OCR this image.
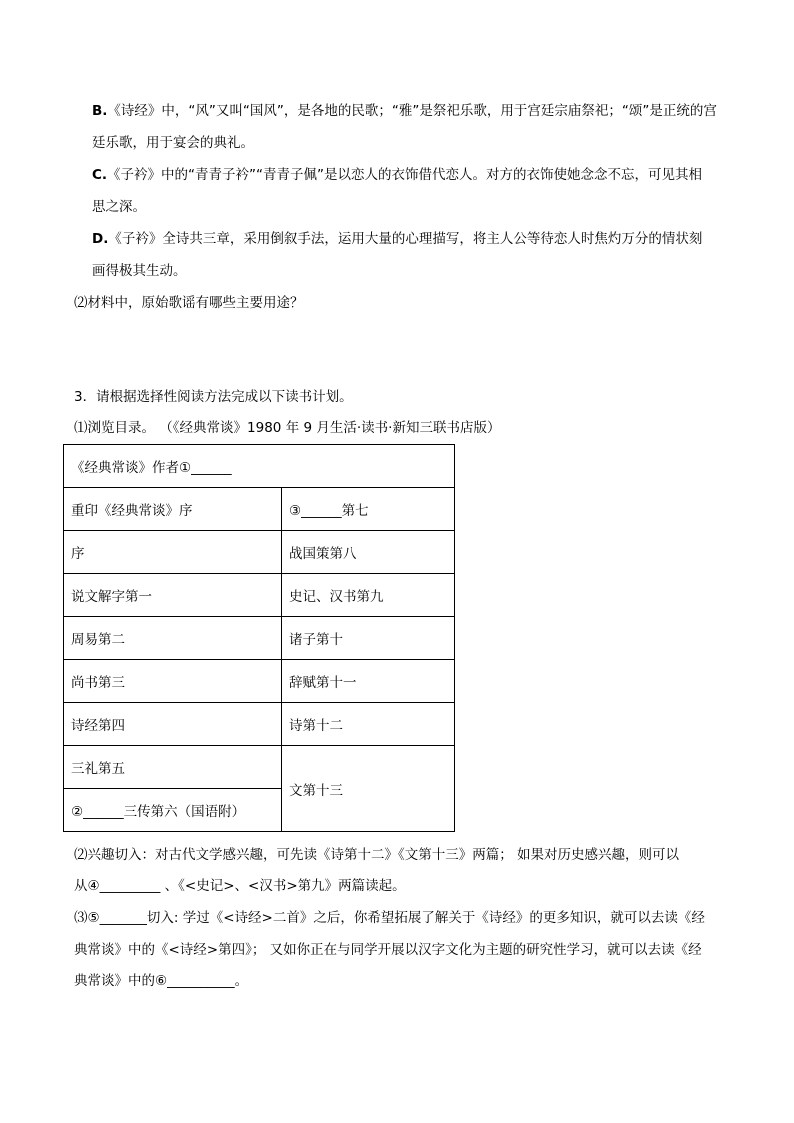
B.《诗经》中，“风”又叫“国风”，是各地的民歌；“雅”是祭祀乐歌，用于宫廷宗庙祭祀；“颂”是正统的宫
廷乐歌，用于宴会的典礼。
C.《子衿》中的“青青子衿”“青青子佩”是以恋人的衣饰借代恋人。对方的衣饰使她念念不忘，可见其相
思之深。
D.《子衿》全诗共三章，采用倒叙手法，运用大量的心理描写，将主人公等待恋人时焦灼万分的情状刻
画得极其生动。
⑵材料中，原始歌谣有哪些主要用途？
3．请根据选择性阅读方法完成以下读书计划。
⑴浏览目录。 （《经典常谈》1980 年 9 月生活·读书·新知三联书店版）
《经典常谈》作者①______	
重印《经典常谈》序	③______第七
序	战国策第八
说文解字第一	史记、汉书第九
周易第二	诸子第十
尚书第三	辞赋第十一
诗经第四	诗第十二
三礼第五	文第十三
②______三传第六（国语附）	
⑵兴趣切入：对古代文学感兴趣，可先读《诗第十二》《文第十三》两篇； 如果对历史感兴趣，则可以
从④_________ 、《<史记>、<汉书>第九》两篇读起。
⑶⑤_______切入: 学过《<诗经>二首》之后，你希望拓展了解关于《诗经》的更多知识，就可以去读《经
典常谈》中的《<诗经>第四》； 又如你正在与同学开展以汉字文化为主题的研究性学习，就可以去读《经
典常谈》中的⑥__________。
